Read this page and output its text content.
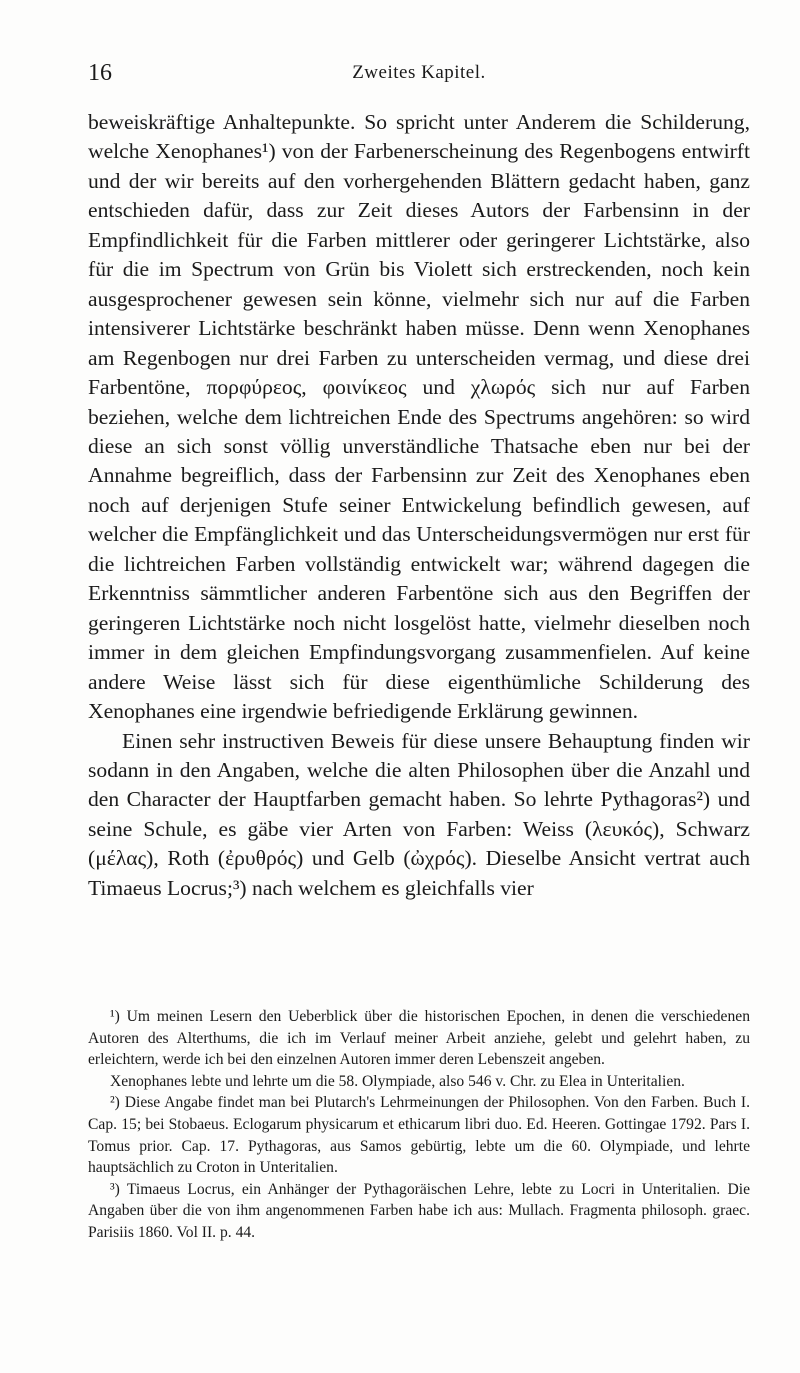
16	Zweites Kapitel.

beweiskräftige Anhaltepunkte. So spricht unter Anderem die Schilderung, welche Xenophanes¹) von der Farbenerscheinung des Regenbogens entwirft und der wir bereits auf den vorhergehenden Blättern gedacht haben, ganz entschieden dafür, dass zur Zeit dieses Autors der Farbensinn in der Empfindlichkeit für die Farben mittlerer oder geringerer Lichtstärke, also für die im Spectrum von Grün bis Violett sich erstreckenden, noch kein ausgesprochener gewesen sein könne, vielmehr sich nur auf die Farben intensiverer Lichtstärke beschränkt haben müsse. Denn wenn Xenophanes am Regenbogen nur drei Farben zu unterscheiden vermag, und diese drei Farbentöne, πορφύρεος, φοινίκεος und χλωρός sich nur auf Farben beziehen, welche dem lichtreichen Ende des Spectrums angehören: so wird diese an sich sonst völlig unverständliche Thatsache eben nur bei der Annahme begreiflich, dass der Farbensinn zur Zeit des Xenophanes eben noch auf derjenigen Stufe seiner Entwickelung befindlich gewesen, auf welcher die Empfänglichkeit und das Unterscheidungsvermögen nur erst für die lichtreichen Farben vollständig entwickelt war; während dagegen die Erkenntniss sämmtlicher anderen Farbentöne sich aus den Begriffen der geringeren Lichtstärke noch nicht losgelöst hatte, vielmehr dieselben noch immer in dem gleichen Empfindungsvorgang zusammenfielen. Auf keine andere Weise lässt sich für diese eigenthümliche Schilderung des Xenophanes eine irgendwie befriedigende Erklärung gewinnen.

Einen sehr instructiven Beweis für diese unsere Behauptung finden wir sodann in den Angaben, welche die alten Philosophen über die Anzahl und den Character der Hauptfarben gemacht haben. So lehrte Pythagoras²) und seine Schule, es gäbe vier Arten von Farben: Weiss (λευκός), Schwarz (μέλας), Roth (ἐρυθρός) und Gelb (ὠχρός). Dieselbe Ansicht vertrat auch Timaeus Locrus;³) nach welchem es gleichfalls vier

¹) Um meinen Lesern den Ueberblick über die historischen Epochen, in denen die verschiedenen Autoren des Alterthums, die ich im Verlauf meiner Arbeit anziehe, gelebt und gelehrt haben, zu erleichtern, werde ich bei den einzelnen Autoren immer deren Lebenszeit angeben.

Xenophanes lebte und lehrte um die 58. Olympiade, also 546 v. Chr. zu Elea in Unteritalien.

²) Diese Angabe findet man bei Plutarch's Lehrmeinungen der Philosophen. Von den Farben. Buch I. Cap. 15; bei Stobaeus. Eclogarum physicarum et ethicarum libri duo. Ed. Heeren. Gottingae 1792. Pars I. Tomus prior. Cap. 17. Pythagoras, aus Samos gebürtig, lebte um die 60. Olympiade, und lehrte hauptsächlich zu Croton in Unteritalien.

³) Timaeus Locrus, ein Anhänger der Pythagoräischen Lehre, lebte zu Locri in Unteritalien. Die Angaben über die von ihm angenommenen Farben habe ich aus: Mullach. Fragmenta philosoph. graec. Parisiis 1860. Vol II. p. 44.
